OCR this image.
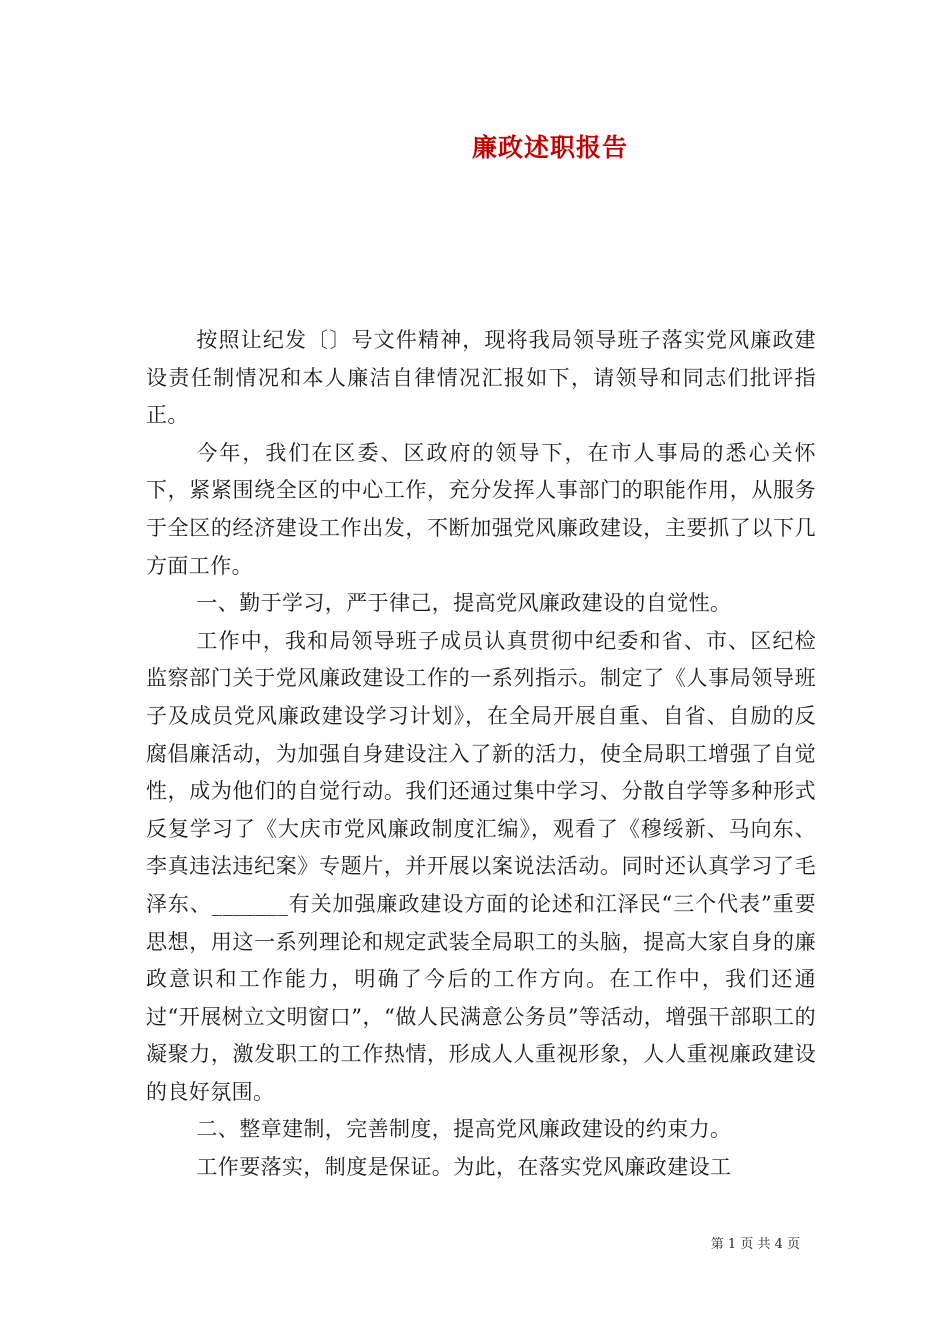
廉政述职报告

按照让纪发〔〕号文件精神，现将我局领导班子落实党风廉政建设责任制情况和本人廉洁自律情况汇报如下，请领导和同志们批评指正。

今年，我们在区委、区政府的领导下，在市人事局的悉心关怀下，紧紧围绕全区的中心工作，充分发挥人事部门的职能作用，从服务于全区的经济建设工作出发，不断加强党风廉政建设，主要抓了以下几方面工作。

一、勤于学习，严于律己，提高党风廉政建设的自觉性。

工作中，我和局领导班子成员认真贯彻中纪委和省、市、区纪检监察部门关于党风廉政建设工作的一系列指示。制定了《人事局领导班子及成员党风廉政建设学习计划》，在全局开展自重、自省、自励的反腐倡廉活动，为加强自身建设注入了新的活力，使全局职工增强了自觉性，成为他们的自觉行动。我们还通过集中学习、分散自学等多种形式反复学习了《大庆市党风廉政制度汇编》，观看了《穆绥新、马向东、李真违法违纪案》专题片，并开展以案说法活动。同时还认真学习了毛泽东、_______有关加强廉政建设方面的论述和江泽民“三个代表”重要思想，用这一系列理论和规定武装全局职工的头脑，提高大家自身的廉政意识和工作能力，明确了今后的工作方向。在工作中，我们还通过“开展树立文明窗口”，“做人民满意公务员”等活动，增强干部职工的凝聚力，激发职工的工作热情，形成人人重视形象，人人重视廉政建设的良好氛围。

二、整章建制，完善制度，提高党风廉政建设的约束力。

工作要落实，制度是保证。为此，在落实党风廉政建设工

第 1 页 共 4 页
